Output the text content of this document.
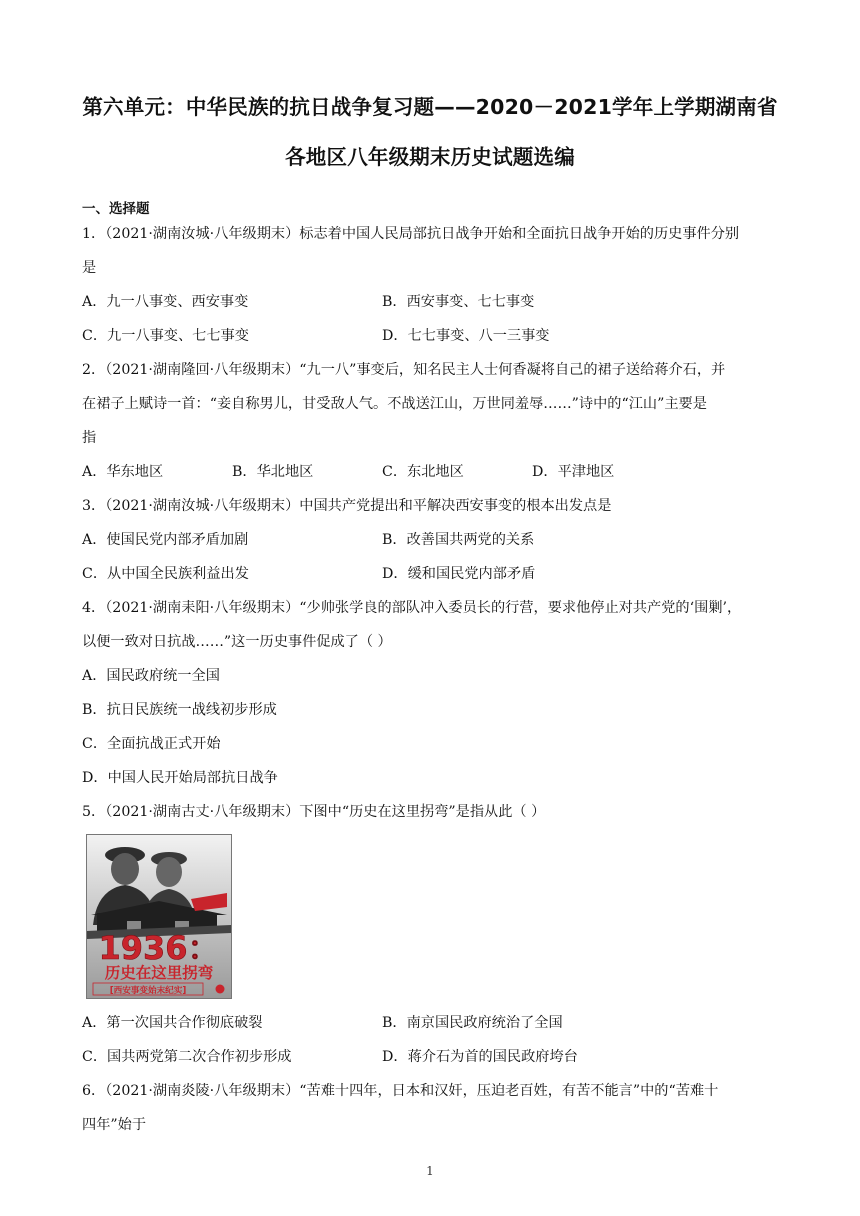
第六单元：中华民族的抗日战争复习题——2020－2021学年上学期湖南省
各地区八年级期末历史试题选编
一、选择题
1．（2021·湖南汝城·八年级期末）标志着中国人民局部抗日战争开始和全面抗日战争开始的历史事件分别
是
A．九一八事变、西安事变	B．西安事变、七七事变
C．九一八事变、七七事变	D．七七事变、八一三事变
2．（2021·湖南隆回·八年级期末）“九一八”事变后，知名民主人士何香凝将自己的裙子送给蒋介石，并
在裙子上赋诗一首：“妾自称男儿，甘受敌人气。不战送江山，万世同羞辱……”诗中的“江山”主要是
指
A．华东地区	B．华北地区	C．东北地区	D．平津地区
3．（2021·湖南汝城·八年级期末）中国共产党提出和平解决西安事变的根本出发点是
A．使国民党内部矛盾加剧	B．改善国共两党的关系
C．从中国全民族利益出发	D．缓和国民党内部矛盾
4．（2021·湖南耒阳·八年级期末）“少帅张学良的部队冲入委员长的行营，要求他停止对共产党的‘围剿’，
以便一致对日抗战……”这一历史事件促成了（ ）
A．国民政府统一全国
B．抗日民族统一战线初步形成
C．全面抗战正式开始
D．中国人民开始局部抗日战争
5．（2021·湖南古丈·八年级期末）下图中“历史在这里拐弯”是指从此（ ）
1936：
历史在这里拐弯
[西安事变始末纪实]
A．第一次国共合作彻底破裂	B．南京国民政府统治了全国
C．国共两党第二次合作初步形成	D．蒋介石为首的国民政府垮台
6．（2021·湖南炎陵·八年级期末）“苦难十四年，日本和汉奸，压迫老百姓，有苦不能言”中的“苦难十
四年”始于
1
